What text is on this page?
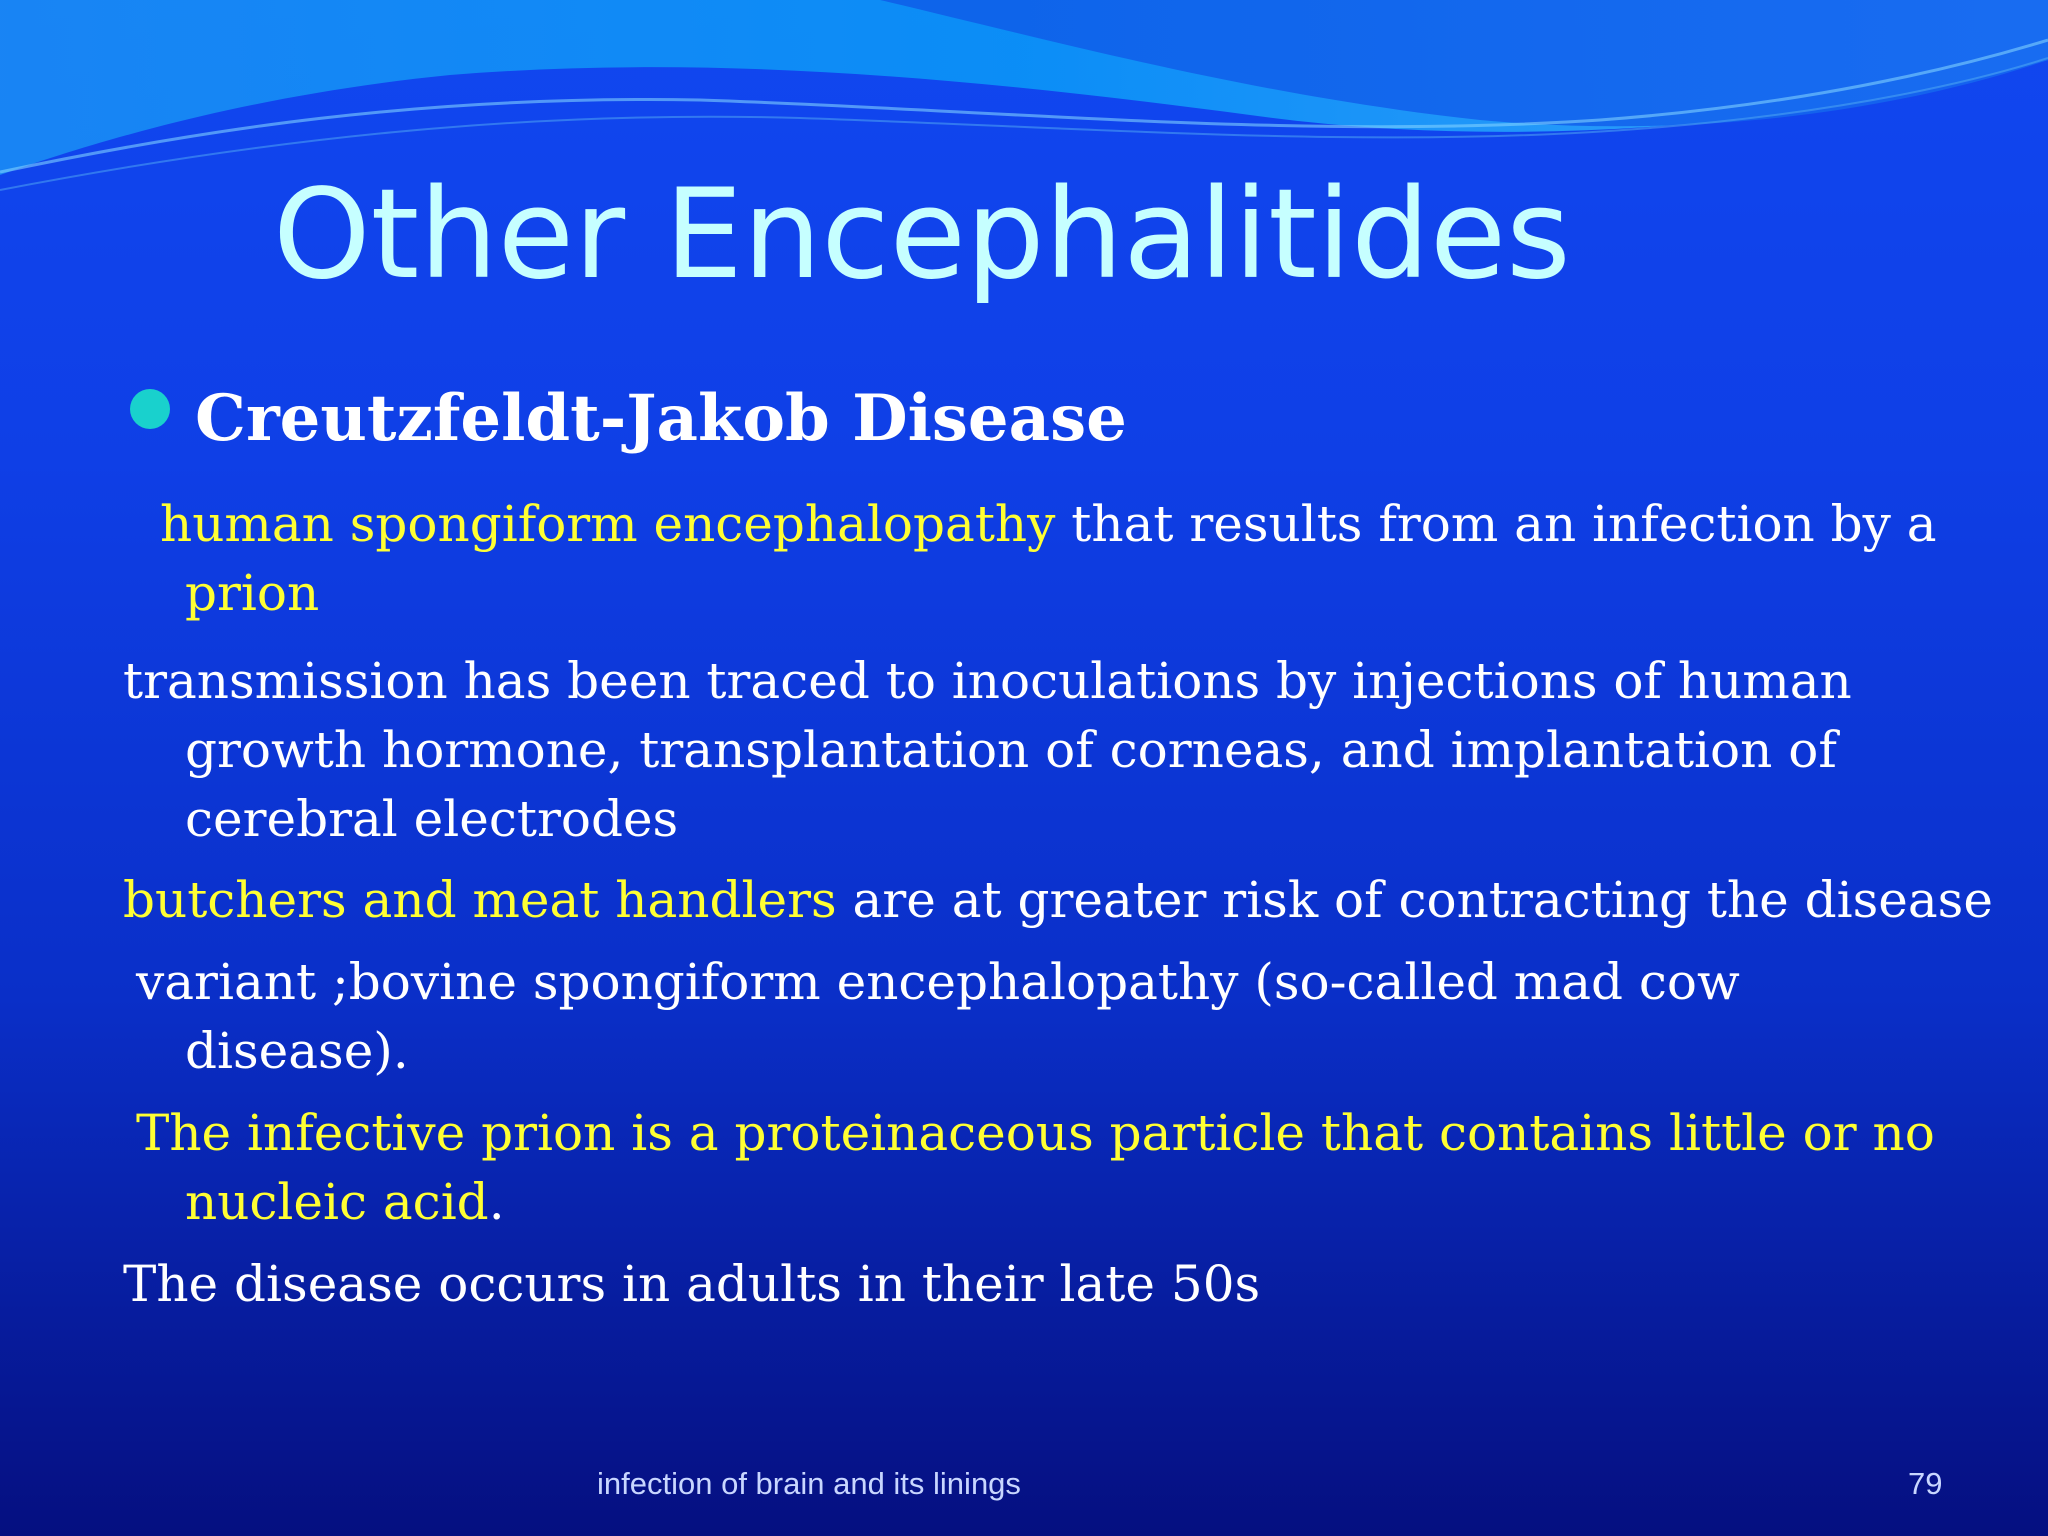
Other Encephalitides
Creutzfeldt-Jakob Disease

human spongiform encephalopathy that results from an infection by a
prion

transmission has been traced to inoculations by injections of human
growth hormone, transplantation of corneas, and implantation of
cerebral electrodes

butchers and meat handlers are at greater risk of contracting the disease

variant ;bovine spongiform encephalopathy (so-called mad cow
disease).

The infective prion is a proteinaceous particle that contains little or no
nucleic acid.

The disease occurs in adults in their late 50s

infection of brain and its linings	79
